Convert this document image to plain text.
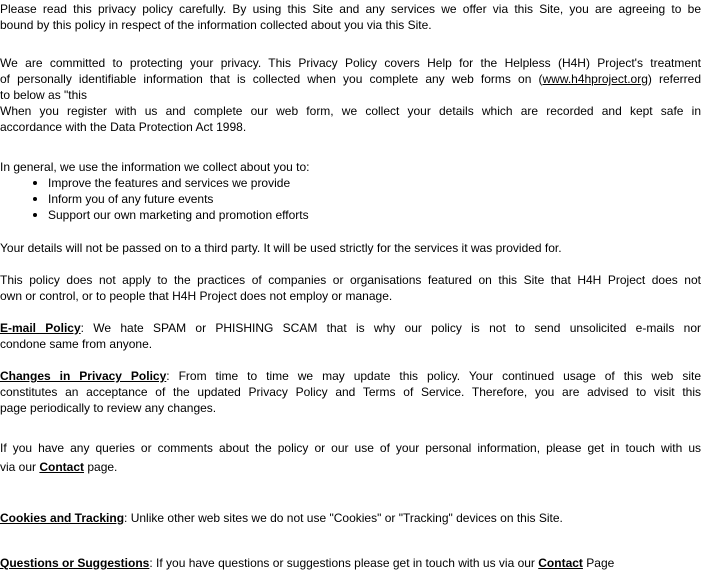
Please read this privacy policy carefully. By using this Site and any services we offer via this Site, you are agreeing to be
bound by this policy in respect of the information collected about you via this Site.
We are committed to protecting your privacy. This Privacy Policy covers Help for the Helpless (H4H) Project's treatment
of personally identifiable information that is collected when you complete any web forms on (www.h4hproject.org) referred
to below as "this
When you register with us and complete our web form, we collect your details which are recorded and kept safe in
accordance with the Data Protection Act 1998.
In general, we use the information we collect about you to:
Improve the features and services we provide
Inform you of any future events
Support our own marketing and promotion efforts
Your details will not be passed on to a third party. It will be used strictly for the services it was provided for.
This policy does not apply to the practices of companies or organisations featured on this Site that H4H Project does not
own or control, or to people that H4H Project does not employ or manage.
E-mail Policy: We hate SPAM or PHISHING SCAM that is why our policy is not to send unsolicited e-mails nor
condone same from anyone.
Changes in Privacy Policy: From time to time we may update this policy. Your continued usage of this web site
constitutes an acceptance of the updated Privacy Policy and Terms of Service. Therefore, you are advised to visit this
page periodically to review any changes.
If you have any queries or comments about the policy or our use of your personal information, please get in touch with us
via our Contact page.
Cookies and Tracking: Unlike other web sites we do not use "Cookies" or "Tracking" devices on this Site.
Questions or Suggestions: If you have questions or suggestions please get in touch with us via our Contact Page
